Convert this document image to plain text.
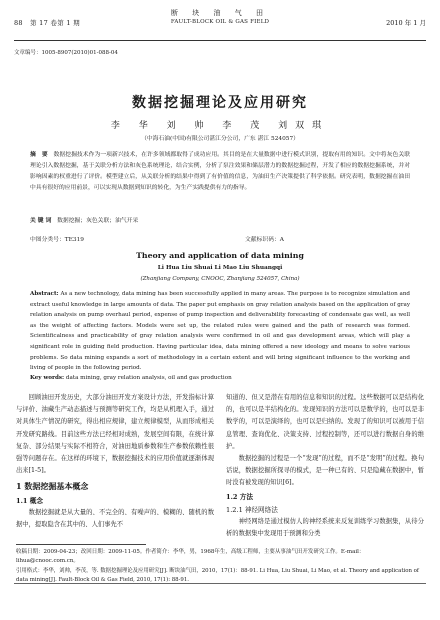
88 第 17 卷第 1 期
断 块 油 气 田
FAULT-BLOCK OIL & GAS FIELD	2010 年 1 月
文章编号：1005-8907(2010)01-088-04
数据挖掘理论及应用研究
李 华 刘 帅 李 茂 刘双琪
（中海石油(中国)有限公司湛江分公司，广东 湛江 524057）
摘 要 数据挖掘技术作为一项新兴技术，在许多领域都取得了成功应用。其目的是在大量数据中进行模式识别，提取有用的知识。文中将灰色关联理论引入数据挖掘，基于关联分析方法和灰色系统理论，结合实例，分析了泵注效果和储层潜力的数据挖掘过程，开发了相应的数据挖掘系统，并对影响因素的权重进行了评价。模型建立后，从关联分析的结果中得到了有价值的信息，为油田生产决策提供了科学依据。研究表明，数据挖掘在油田中具有很好的应用前景，可以实现从数据到知识的转化，为生产实践提供有力的指导。
关键词 数据挖掘；灰色关联；油气开采
中图分类号：TE319	文献标识码：A
Theory and application of data mining
Li Hua Liu Shuai Li Mao Liu Shuangqi
(Zhanjiang Company, CNOOC, Zhanjiang 524057, China)
Abstract: As a new technology, data mining has been successfully applied in many areas. The purpose is to recognize simulation and extract useful knowledge in large amounts of data. The paper put emphasis on gray relation analysis based on the application of gray relation analysis on pump overhaul period, expense of pump inspection and deliverability forecasting of condensate gas well, as well as the weight of affecting factors. Models were set up, the related rules were gained and the path of research was formed. Scientificalness and practicability of gray relation analysis were confirmed in oil and gas development areas, which will play a significant role in guiding field production. Having particular idea, data mining offered a new ideology and means to solve various problems. So data mining expands a sort of methodology in a certain extent and will bring significant influence to the working and living of people in the following period.
Key words: data mining, gray relation analysis, oil and gas production

回顾油田开发历史，大部分油田开发方案设计方法，开发指标计算与评价、油藏生产动态描述与预测等研究工作，均是从机理入手，通过对具体生产情况的研究，得出相应规律，建立规律模型，从而形成相关开发研究路线。目前这些方法已经相对成熟，发展空间有限，在统计算复杂、部分结果与实际不相符合，对油田地质参数和生产参数依赖性很强等问题存在。在这样的环境下，数据挖掘技术的应用价值就逐渐体现出来[1-5]。

1 数据挖掘基本概念
1.1 概念

数据挖掘就是从大量的、不完全的、有噪声的、模糊的、随机的数据中，提取隐含在其中的、人们事先不

知道的、但又是潜在有用的信息和知识的过程。这些数据可以是结构化的，也可以是半结构化的。发现知识的方法可以是数学的，也可以是非数学的，可以是演绎的，也可以是归纳的。发现了的知识可以被用于信息管理、查询优化、决策支持、过程控制等，还可以进行数据自身的维护。

数据挖掘的过程是一个“发现”的过程，而不是“发明”的过程。换句话说，数据挖掘所探寻的模式，是一种已有的、只是隐藏在数据中，暂时没有被发现的知识[6]。

1.2 方法
1.2.1 神经网络法

神经网络是通过模仿人的神经系统来反复训练学习数据集，从待分析的数据集中发现用于预测和分类

收稿日期：2009-04-23；改回日期：2009-11-05。作者简介：李华，男，1968年生，高级工程师，主要从事油气田开发研究工作。E-mail：lihua@cnooc.com.cn。
引用格式：李华，刘帅，李茂，等. 数据挖掘理论及应用研究[J]. 断块油气田，2010，17(1)：88-91. Li Hua, Liu Shuai, Li Mao, et al. Theory and application of data mining[J]. Fault-Block Oil & Gas Field, 2010, 17(1): 88-91.
